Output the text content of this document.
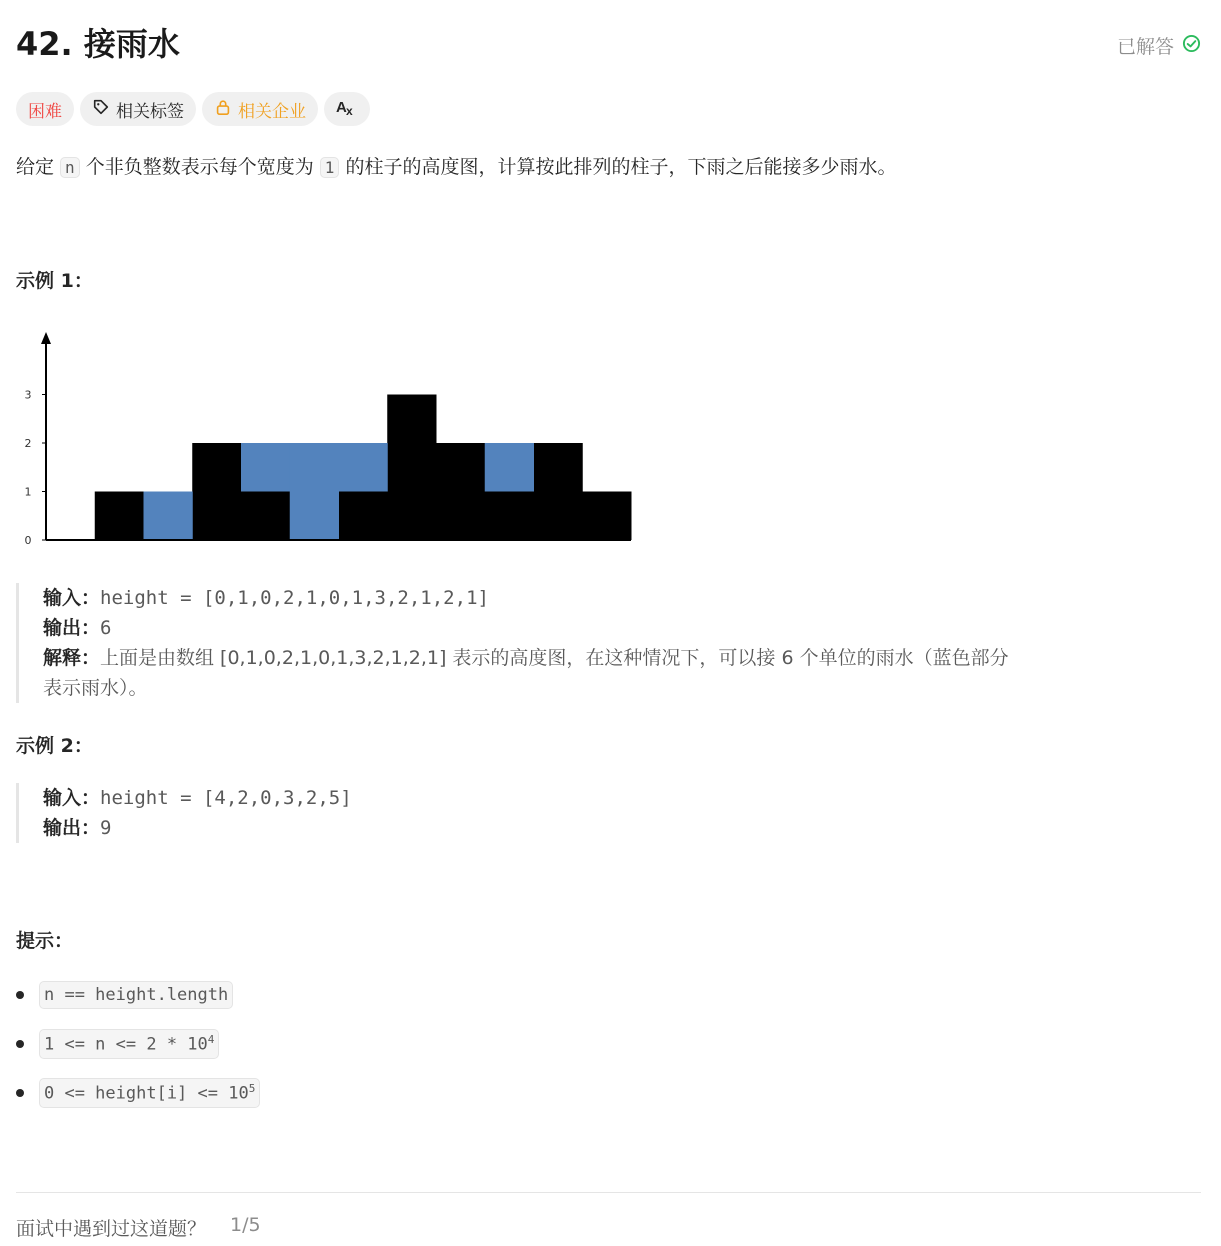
42. 接雨水	已解答
困难	相关标签	相关企业 A x
给定 n 个非负整数表示每个宽度为 1 的柱子的高度图，计算按此排列的柱子，下雨之后能接多少雨水。
示例 1：
0
1
2
3
输入：height = [0,1,0,2,1,0,1,3,2,1,2,1]
输出：6
解释：上面是由数组 [0,1,0,2,1,0,1,3,2,1,2,1] 表示的高度图，在这种情况下，可以接 6 个单位的雨水（蓝色部分
表示雨水）。
示例 2：
输入：height = [4,2,0,3,2,5]
输出：9
提示：
n == height.length
$1 <= n <= 2 * 10^4$
0 <= height[i] <= $10^5$
面试中遇到过这道题？ 1/5
